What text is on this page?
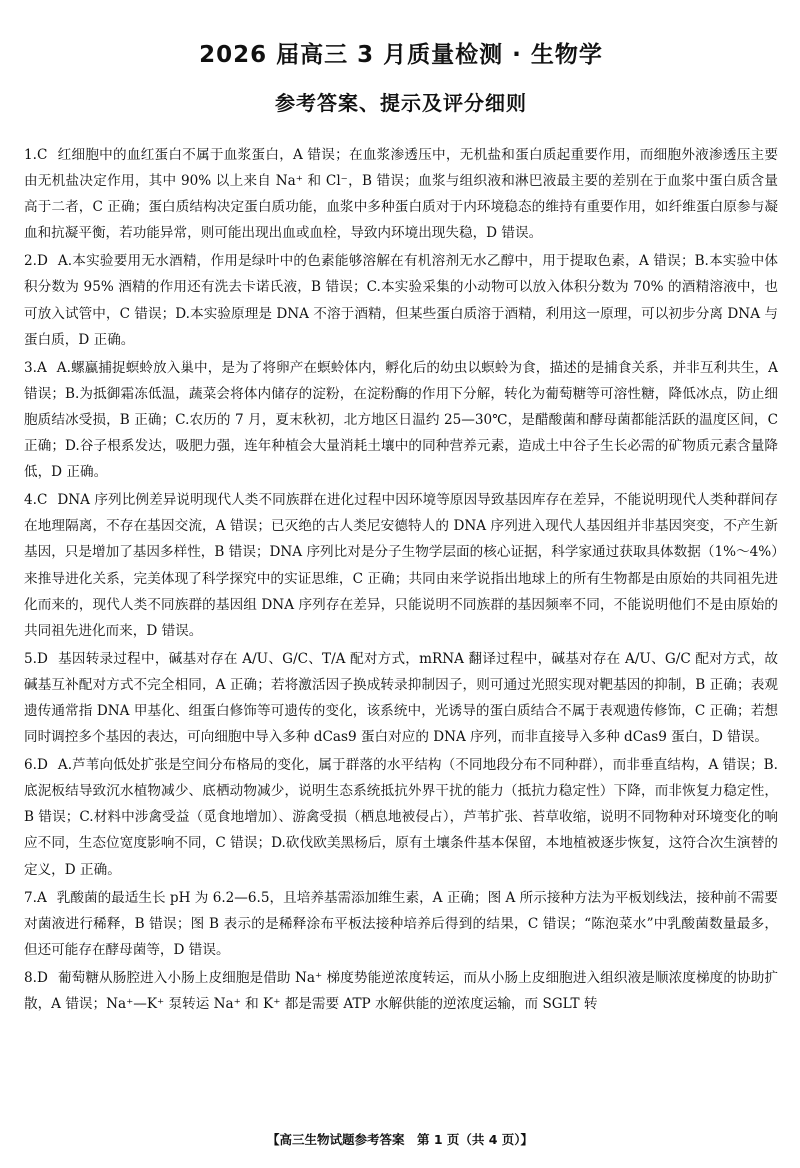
2026 届高三 3 月质量检测 · 生物学
参考答案、提示及评分细则

1.C 红细胞中的血红蛋白不属于血浆蛋白，A 错误；在血浆渗透压中，无机盐和蛋白质起重要作用，而细胞外液渗透压主要由无机盐决定作用，其中 90% 以上来自 Na⁺ 和 Cl⁻，B 错误；血浆与组织液和淋巴液最主要的差别在于血浆中蛋白质含量高于二者，C 正确；蛋白质结构决定蛋白质功能，血浆中多种蛋白质对于内环境稳态的维持有重要作用，如纤维蛋白原参与凝血和抗凝平衡，若功能异常，则可能出现出血或血栓，导致内环境出现失稳，D 错误。

2.D A.本实验要用无水酒精，作用是绿叶中的色素能够溶解在有机溶剂无水乙醇中，用于提取色素，A 错误；B.本实验中体积分数为 95% 酒精的作用还有洗去卡诺氏液，B 错误；C.本实验采集的小动物可以放入体积分数为 70% 的酒精溶液中，也可放入试管中，C 错误；D.本实验原理是 DNA 不溶于酒精，但某些蛋白质溶于酒精，利用这一原理，可以初步分离 DNA 与蛋白质，D 正确。

3.A A.螺蠃捕捉螟蛉放入巢中，是为了将卵产在螟蛉体内，孵化后的幼虫以螟蛉为食，描述的是捕食关系，并非互利共生，A 错误；B.为抵御霜冻低温，蔬菜会将体内储存的淀粉，在淀粉酶的作用下分解，转化为葡萄糖等可溶性糖，降低冰点，防止细胞质结冰受损，B 正确；C.农历的 7 月，夏末秋初，北方地区日温约 25—30℃，是醋酸菌和酵母菌都能活跃的温度区间，C 正确；D.谷子根系发达，吸肥力强，连年种植会大量消耗土壤中的同种营养元素，造成土中谷子生长必需的矿物质元素含量降低，D 正确。

4.C DNA 序列比例差异说明现代人类不同族群在进化过程中因环境等原因导致基因库存在差异，不能说明现代人类种群间存在地理隔离，不存在基因交流，A 错误；已灭绝的古人类尼安德特人的 DNA 序列进入现代人基因组并非基因突变，不产生新基因，只是增加了基因多样性，B 错误；DNA 序列比对是分子生物学层面的核心证据，科学家通过获取具体数据（1%～4%）来推导进化关系，完美体现了科学探究中的实证思维，C 正确；共同由来学说指出地球上的所有生物都是由原始的共同祖先进化而来的，现代人类不同族群的基因组 DNA 序列存在差异，只能说明不同族群的基因频率不同，不能说明他们不是由原始的共同祖先进化而来，D 错误。

5.D 基因转录过程中，碱基对存在 A/U、G/C、T/A 配对方式，mRNA 翻译过程中，碱基对存在 A/U、G/C 配对方式，故碱基互补配对方式不完全相同，A 正确；若将激活因子换成转录抑制因子，则可通过光照实现对靶基因的抑制，B 正确；表观遗传通常指 DNA 甲基化、组蛋白修饰等可遗传的变化，该系统中，光诱导的蛋白质结合不属于表观遗传修饰，C 正确；若想同时调控多个基因的表达，可向细胞中导入多种 dCas9 蛋白对应的 DNA 序列，而非直接导入多种 dCas9 蛋白，D 错误。

6.D A.芦苇向低处扩张是空间分布格局的变化，属于群落的水平结构（不同地段分布不同种群），而非垂直结构，A 错误；B.底泥板结导致沉水植物减少、底栖动物减少，说明生态系统抵抗外界干扰的能力（抵抗力稳定性）下降，而非恢复力稳定性，B 错误；C.材料中涉禽受益（觅食地增加）、游禽受损（栖息地被侵占），芦苇扩张、苔草收缩，说明不同物种对环境变化的响应不同，生态位宽度影响不同，C 错误；D.砍伐欧美黑杨后，原有土壤条件基本保留，本地植被逐步恢复，这符合次生演替的定义，D 正确。

7.A 乳酸菌的最适生长 pH 为 6.2—6.5，且培养基需添加维生素，A 正确；图 A 所示接种方法为平板划线法，接种前不需要对菌液进行稀释，B 错误；图 B 表示的是稀释涂布平板法接种培养后得到的结果，C 错误；“陈泡菜水”中乳酸菌数量最多，但还可能存在酵母菌等，D 错误。

8.D 葡萄糖从肠腔进入小肠上皮细胞是借助 Na⁺ 梯度势能逆浓度转运，而从小肠上皮细胞进入组织液是顺浓度梯度的协助扩散，A 错误；Na⁺—K⁺ 泵转运 Na⁺ 和 K⁺ 都是需要 ATP 水解供能的逆浓度运输，而 SGLT 转

【高三生物试题参考答案　第 1 页（共 4 页）】
